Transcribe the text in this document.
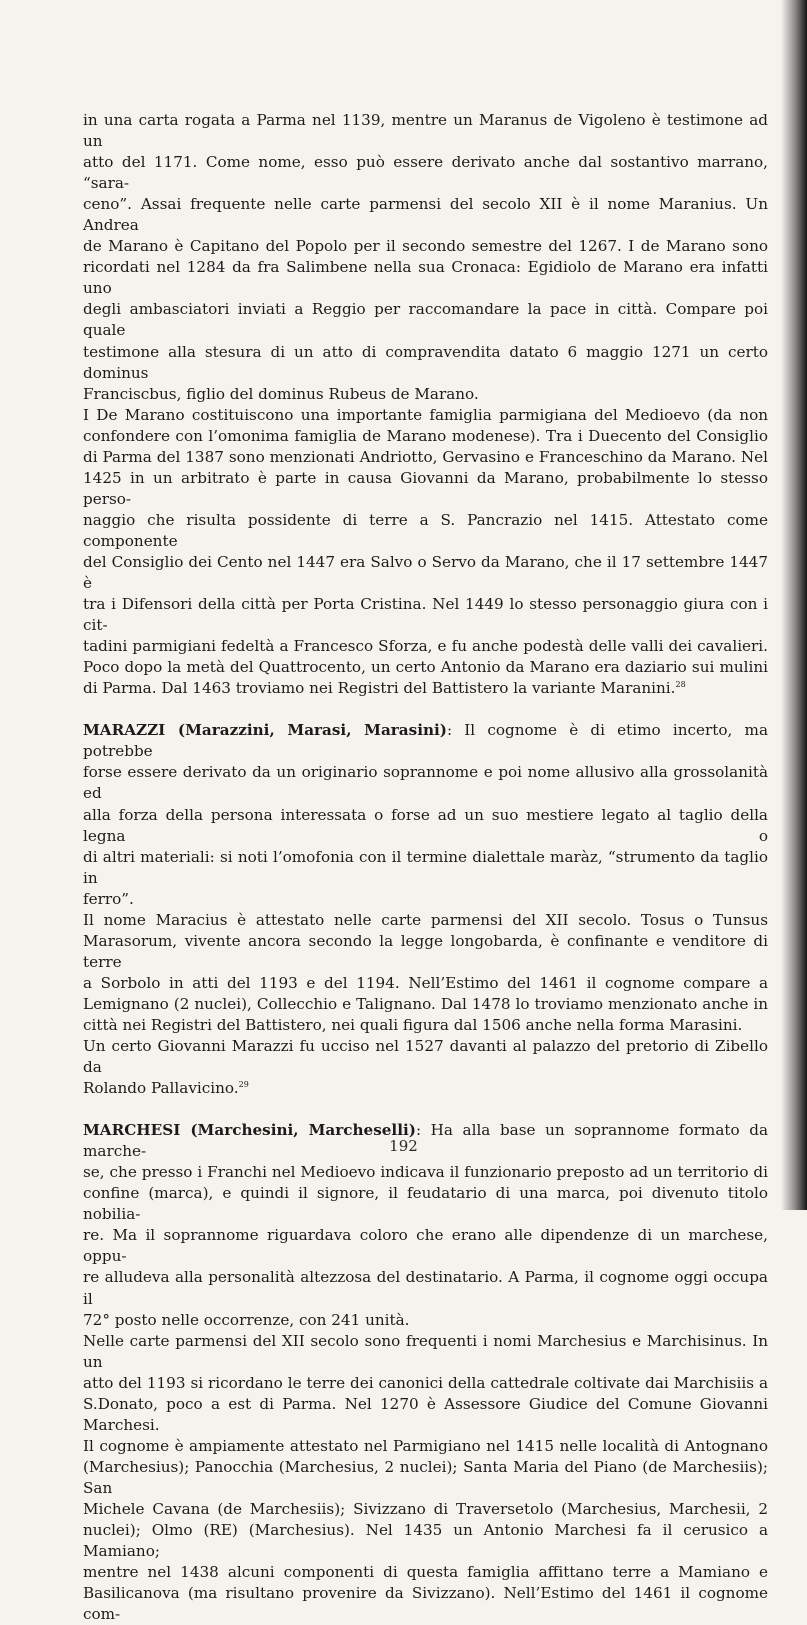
in una carta rogata a Parma nel 1139, mentre un Maranus de Vigoleno è testimone ad un
atto del 1171. Come nome, esso può essere derivato anche dal sostantivo marrano, “sara-
ceno”. Assai frequente nelle carte parmensi del secolo XII è il nome Maranius. Un Andrea
de Marano è Capitano del Popolo per il secondo semestre del 1267. I de Marano sono
ricordati nel 1284 da fra Salimbene nella sua Cronaca: Egidiolo de Marano era infatti uno
degli ambasciatori inviati a Reggio per raccomandare la pace in città. Compare poi quale
testimone alla stesura di un atto di compravendita datato 6 maggio 1271 un certo dominus
Franciscbus, figlio del dominus Rubeus de Marano.

I De Marano costituiscono una importante famiglia parmigiana del Medioevo (da non
confondere con l’omonima famiglia de Marano modenese). Tra i Duecento del Consiglio
di Parma del 1387 sono menzionati Andriotto, Gervasino e Franceschino da Marano. Nel
1425 in un arbitrato è parte in causa Giovanni da Marano, probabilmente lo stesso perso-
naggio che risulta possidente di terre a S. Pancrazio nel 1415. Attestato come componente
del Consiglio dei Cento nel 1447 era Salvo o Servo da Marano, che il 17 settembre 1447 è
tra i Difensori della città per Porta Cristina. Nel 1449 lo stesso personaggio giura con i cit-
tadini parmigiani fedeltà a Francesco Sforza, e fu anche podestà delle valli dei cavalieri.
Poco dopo la metà del Quattrocento, un certo Antonio da Marano era daziario sui mulini
di Parma. Dal 1463 troviamo nei Registri del Battistero la variante Maranini.$^{28}$

MARAZZI (Marazzini, Marasi, Marasini): Il cognome è di etimo incerto, ma potrebbe
forse essere derivato da un originario soprannome e poi nome allusivo alla grossolanità ed
alla forza della persona interessata o forse ad un suo mestiere legato al taglio della legna o
di altri materiali: si noti l’omofonia con il termine dialettale maràz, “strumento da taglio in
ferro”.

Il nome Maracius è attestato nelle carte parmensi del XII secolo. Tosus o Tunsus
Marasorum, vivente ancora secondo la legge longobarda, è confinante e venditore di terre
a Sorbolo in atti del 1193 e del 1194. Nell’Estimo del 1461 il cognome compare a
Lemignano (2 nuclei), Collecchio e Talignano. Dal 1478 lo troviamo menzionato anche in
città nei Registri del Battistero, nei quali figura dal 1506 anche nella forma Marasini.

Un certo Giovanni Marazzi fu ucciso nel 1527 davanti al palazzo del pretorio di Zibello da
Rolando Pallavicino.$^{29}$

MARCHESI (Marchesini, Marcheselli): Ha alla base un soprannome formato da marche-
se, che presso i Franchi nel Medioevo indicava il funzionario preposto ad un territorio di
confine (marca), e quindi il signore, il feudatario di una marca, poi divenuto titolo nobilia-
re. Ma il soprannome riguardava coloro che erano alle dipendenze di un marchese, oppu-
re alludeva alla personalità altezzosa del destinatario. A Parma, il cognome oggi occupa il
72° posto nelle occorrenze, con 241 unità.

Nelle carte parmensi del XII secolo sono frequenti i nomi Marchesius e Marchisinus. In un
atto del 1193 si ricordano le terre dei canonici della cattedrale coltivate dai Marchisiis a
S.Donato, poco a est di Parma. Nel 1270 è Assessore Giudice del Comune Giovanni
Marchesi.

Il cognome è ampiamente attestato nel Parmigiano nel 1415 nelle località di Antognano
(Marchesius); Panocchia (Marchesius, 2 nuclei); Santa Maria del Piano (de Marchesiis); San
Michele Cavana (de Marchesiis); Sivizzano di Traversetolo (Marchesius, Marchesii, 2
nuclei); Olmo (RE) (Marchesius). Nel 1435 un Antonio Marchesi fa il cerusico a Mamiano;
mentre nel 1438 alcuni componenti di questa famiglia affittano terre a Mamiano e
Basilicanova (ma risultano provenire da Sivizzano). Nell’Estimo del 1461 il cognome com-

192
